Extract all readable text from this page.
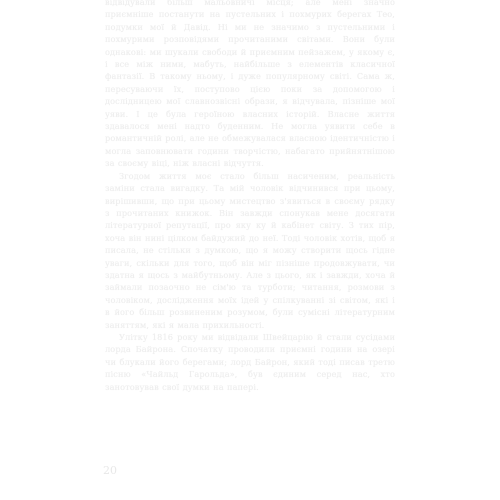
відвідували більш мальовничі місця; але мені значно приємніше постанути на пустельних і похмурих берегах Тео, подумки мої й Давід. Ні ми не значимо з пустельними і похмурими розповідями прочитаними світами. Вони були однакові: ми шукали свободи й приємним пейзажем, у якому є, і все між ними, мабуть, найбільше з елементів класичної фантазії. В такому ньому, і дуже популярному світі. Сама ж, пересуваючи їх, поступово цією поки за допомогою і дослідницею мої славнозвісні образи, я відчувала, пізніше мої уяви. І це була героїною власних історій. Власне життя здавалося мені надто буденним. Не могла уявити себе в романтичній ролі, але не обмежувалася власною ідентичністю і могла заповнювати години творчістю, набагато прийнятнішою за своєму віці, ніж власні відчуття.

Згодом життя моє стало більш насиченим, реальність заміни стала вигадку. Та мій чоловік відчинився при цьому, вирішивши, що при цьому мистецтво з'явиться в своєму рядку з прочитаних книжок. Він завжди спонукав мене досягати літературної репутації, про яку ку й кабінет світу. З тих пір, хоча він нині цілком байдужий до неї. Тоді чоловік хотів, щоб я писала, не стільки з думкою, що я можу створити щось гідне уваги, скільки для того, щоб він міг пізніше продовжувати, чи здатна я щось з майбутньому. Але з цього, як і завжди, хоча й займали позаочно не сім'ю та турботи; читання, розмови з чоловіком, дослідження моїх ідей у спілкуванні зі світом, які і в його більш розвиненим розумом, були сумісні літературним заняттям, які я мала прихильності.

Улітку 1816 року ми відвідали Швейцарію й стали сусідами лорда Байрона. Спочатку проводили приємні години на озері чи блукали його берегами; лорд Байрон, який тоді писав третю пісню «Чайльд Гарольда», був єдиним серед нас, хто занотовував свої думки на папері.

20
